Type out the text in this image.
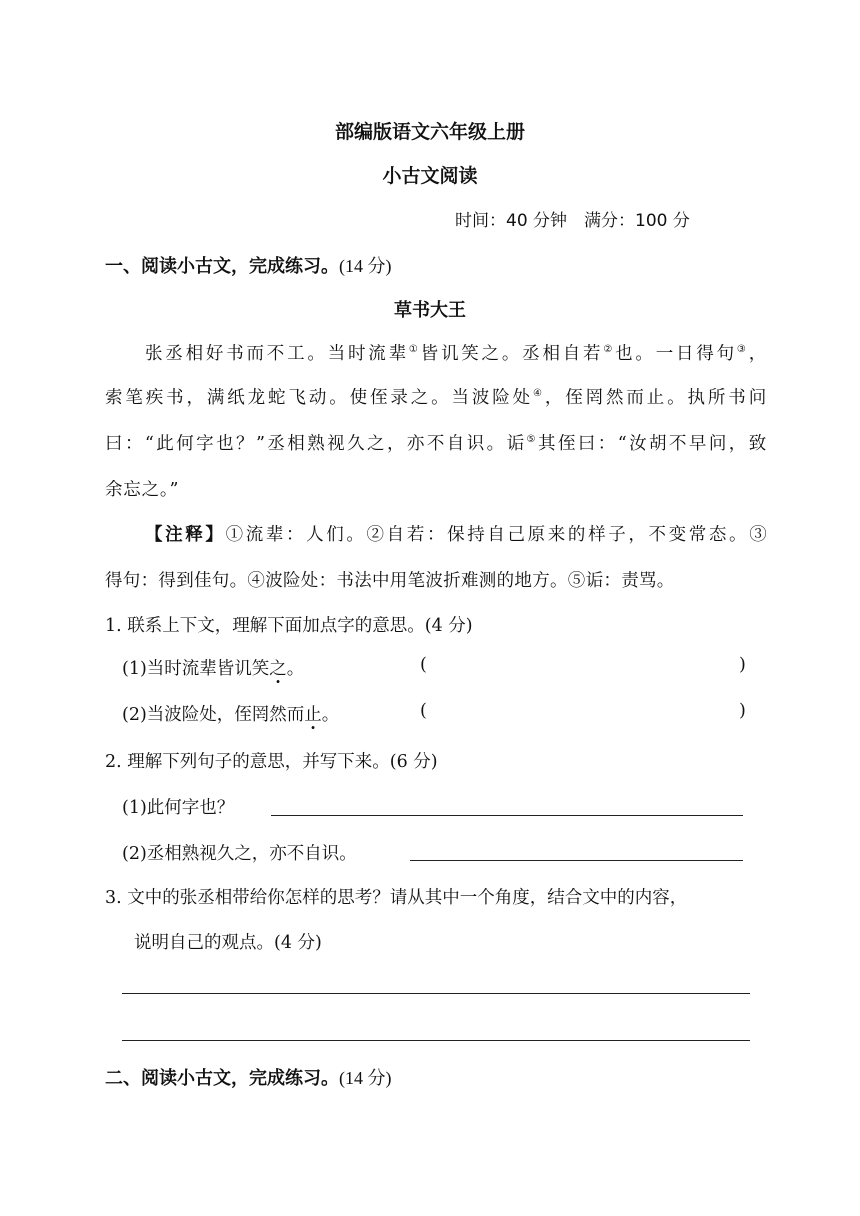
部编版语文六年级上册
小古文阅读
时间：40 分钟　满分：100 分
一、阅读小古文，完成练习。(14 分)
草书大王
张丞相好书而不工。当时流辈①皆讥笑之。丞相自若②也。一日得句③，
索笔疾书，满纸龙蛇飞动。使侄录之。当波险处④，侄罔然而止。执所书问
曰：“此何字也？”丞相熟视久之，亦不自识。诟⑤其侄曰：“汝胡不早问，致
余忘之。”
【注释】①流辈：人们。②自若：保持自己原来的样子，不变常态。③
得句：得到佳句。④波险处：书法中用笔波折难测的地方。⑤诟：责骂。
1. 联系上下文，理解下面加点字的意思。(4 分)
(1)当时流辈皆讥笑之。	(	)
(2)当波险处，侄罔然而止。	(	)
2. 理解下列句子的意思，并写下来。(6 分)
(1)此何字也？
(2)丞相熟视久之，亦不自识。
3. 文中的张丞相带给你怎样的思考？请从其中一个角度，结合文中的内容，
说明自己的观点。(4 分)
二、阅读小古文，完成练习。(14 分)
